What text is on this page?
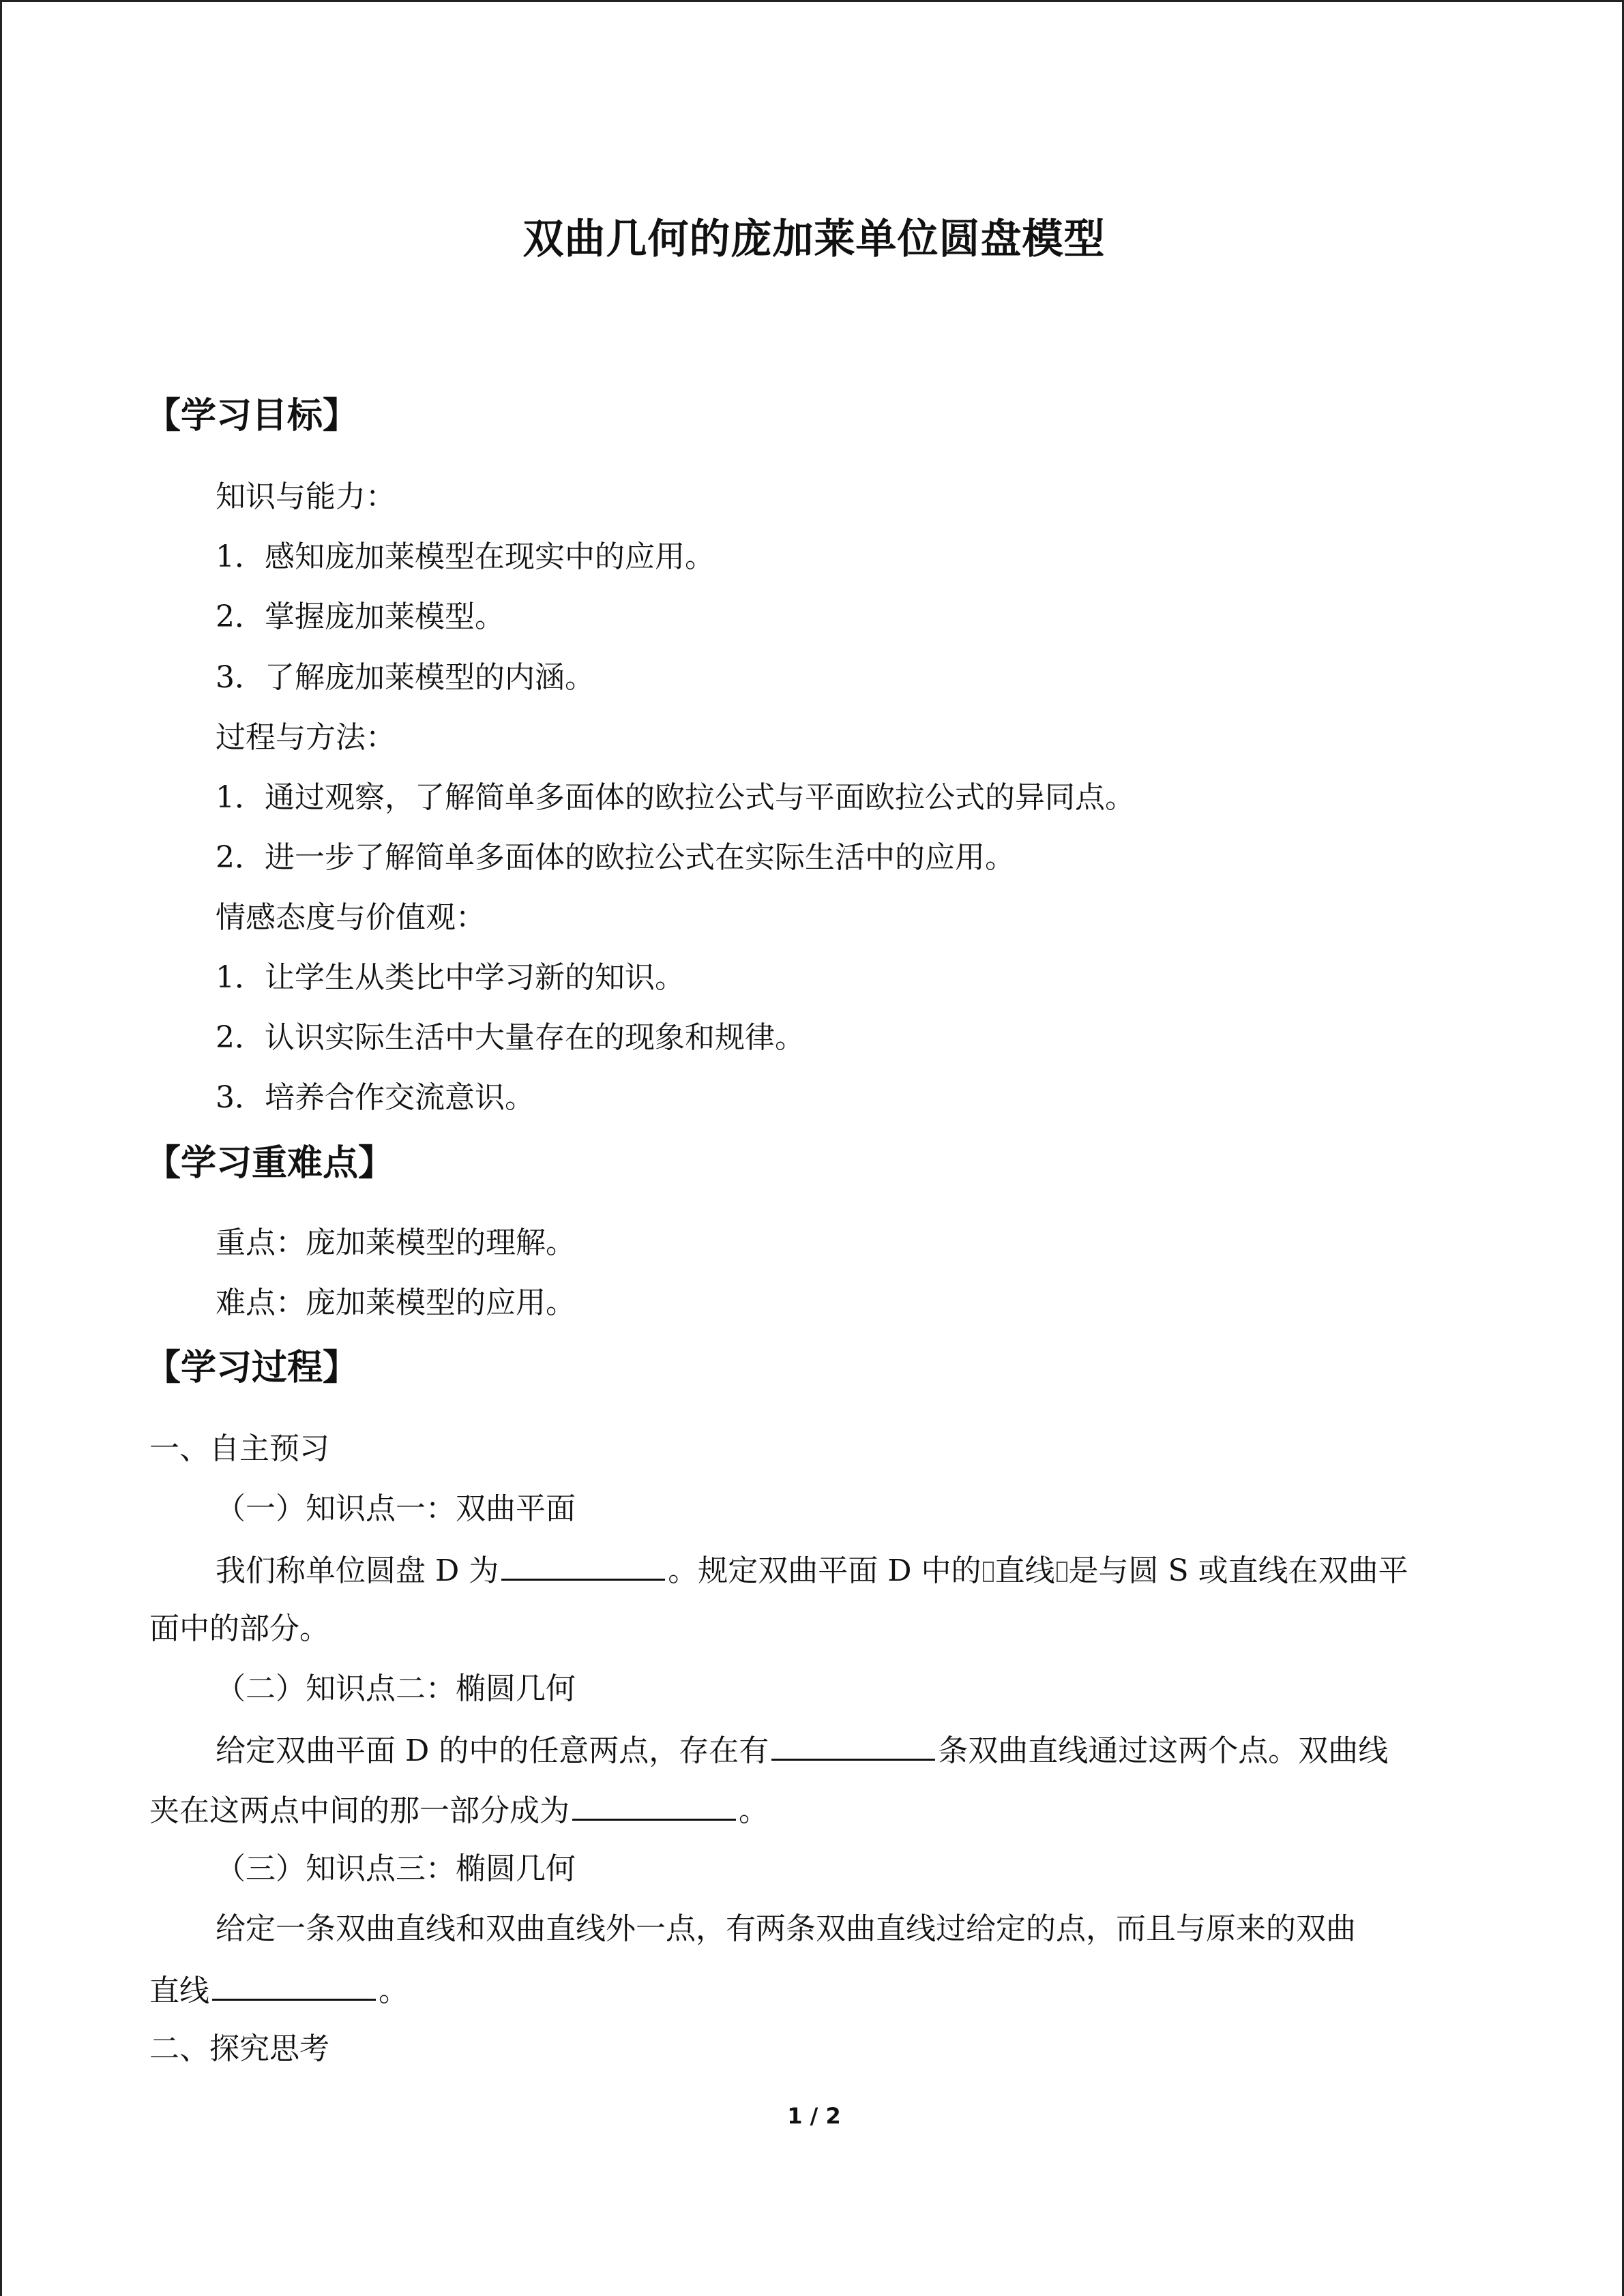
双曲几何的庞加莱单位圆盘模型
【学习目标】
知识与能力：
1．感知庞加莱模型在现实中的应用。
2．掌握庞加莱模型。
3．了解庞加莱模型的内涵。
过程与方法：
1．通过观察，了解简单多面体的欧拉公式与平面欧拉公式的异同点。
2．进一步了解简单多面体的欧拉公式在实际生活中的应用。
情感态度与价值观：
1．让学生从类比中学习新的知识。
2．认识实际生活中大量存在的现象和规律。
3．培养合作交流意识。
【学习重难点】
重点：庞加莱模型的理解。
难点：庞加莱模型的应用。
【学习过程】
一、自主预习
（一）知识点一：双曲平面
我们称单位圆盘 D 为	。规定双曲平面 D 中的 直线 是与圆 S 或直线在双曲平
面中的部分。
（二）知识点二：椭圆几何
给定双曲平面 D 的中的任意两点，存在有	条双曲直线通过这两个点。双曲线
夹在这两点中间的那一部分成为	。
（三）知识点三：椭圆几何
给定一条双曲直线和双曲直线外一点，有两条双曲直线过给定的点，而且与原来的双曲
直线	。
二、探究思考
1 / 2
